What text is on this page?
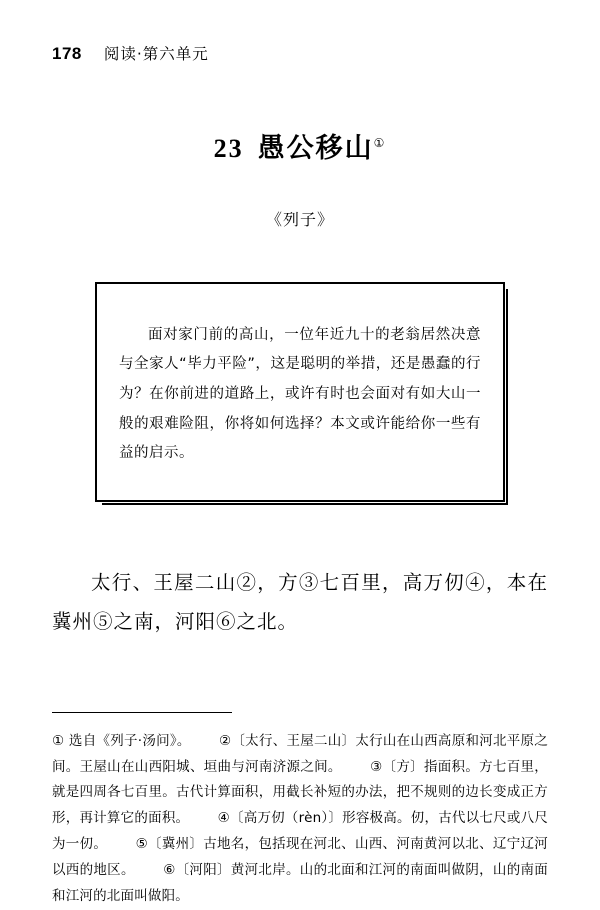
178 阅读·第六单元
23 愚公移山①
《列子》

面对家门前的高山，一位年近九十的老翁居然决意与全家人“毕力平险”，这是聪明的举措，还是愚蠢的行为？在你前进的道路上，或许有时也会面对有如大山一般的艰难险阻，你将如何选择？本文或许能给你一些有益的启示。

太行、王屋二山②，方③七百里，高万仞④，本在冀州⑤之南，河阳⑥之北。

① 选自《列子·汤问》。 ②〔太行、王屋二山〕太行山在山西高原和河北平原之间。王屋山在山西阳城、垣曲与河南济源之间。 ③〔方〕指面积。方七百里，就是四周各七百里。古代计算面积，用截长补短的办法，把不规则的边长变成正方形，再计算它的面积。 ④〔高万仞（rèn）〕形容极高。仞，古代以七尺或八尺为一仞。 ⑤〔冀州〕古地名，包括现在河北、山西、河南黄河以北、辽宁辽河以西的地区。 ⑥〔河阳〕黄河北岸。山的北面和江河的南面叫做阴，山的南面和江河的北面叫做阳。
